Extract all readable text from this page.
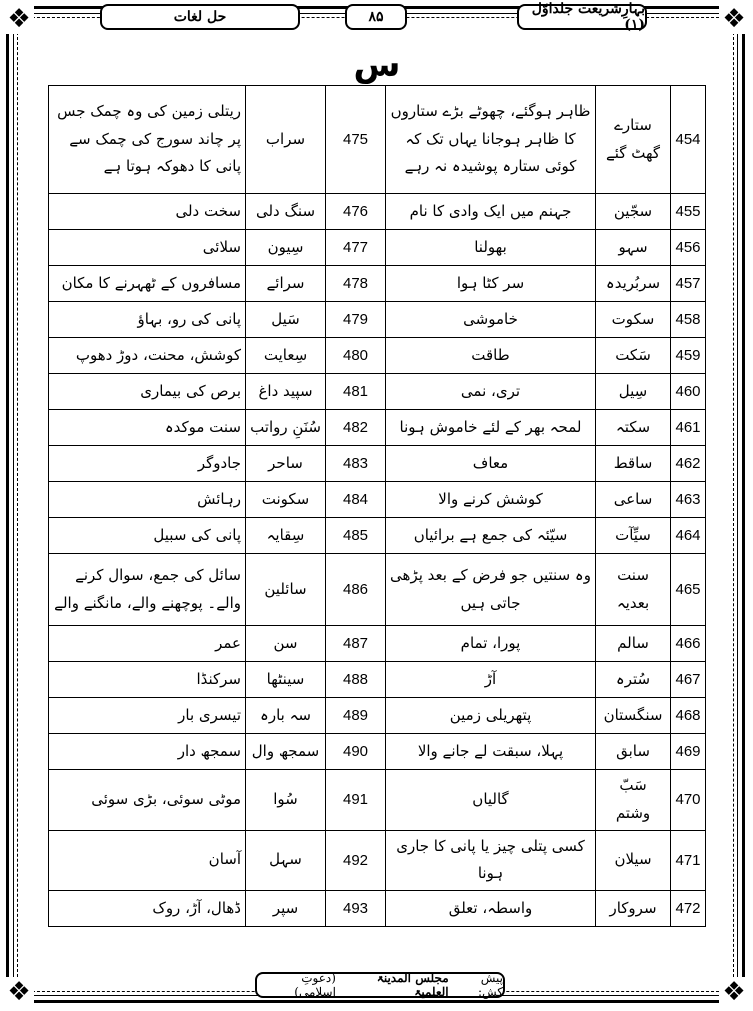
❖	❖
❖	❖
حل لغات	۸۵	بہارِشریعت جلداوّل (۱)
س
ریتلی زمین کی وہ چمک جس پر چاند سورج کی چمک سے پانی کا دھوکہ ہوتا ہے	سراب	475	ظاہر ہوگئے، چھوٹے بڑے ستاروں کا ظاہر ہوجانا یہاں تک کہ کوئی ستارہ پوشیدہ نہ رہے	ستارے گھٹ گئے	454
سخت دلی	سنگ دلی	476	جہنم میں ایک وادی کا نام	سجّین	455
سلائی	سِیون	477	بھولنا	سہو	456
مسافروں کے ٹھہرنے کا مکان	سرائے	478	سر کٹا ہوا	سربُریدہ	457
پانی کی رو، بہاؤ	سَیل	479	خاموشی	سکوت	458
کوشش، محنت، دوڑ دھوپ	سِعایت	480	طاقت	سَکت	459
برص کی بیماری	سپید داغ	481	تری، نمی	سِیل	460
سنت موکدہ	سُنَنِ رواتب	482	لمحہ بھر کے لئے خاموش ہونا	سکتہ	461
جادوگر	ساحر	483	معاف	ساقط	462
رہائش	سکونت	484	کوشش کرنے والا	ساعی	463
پانی کی سبیل	سِقایہ	485	سیّئہ کی جمع ہے برائیاں	سیِّآت	464
سائل کی جمع، سوال کرنے والے۔ پوچھنے والے، مانگنے والے	سائلین	486	وہ سنتیں جو فرض کے بعد پڑھی جاتی ہیں	سنت بعدیہ	465
عمر	سن	487	پورا، تمام	سالم	466
سرکنڈا	سینٹھا	488	آڑ	سُترہ	467
تیسری بار	سہ بارہ	489	پتھریلی زمین	سنگستان	468
سمجھ دار	سمجھ وال	490	پہلا، سبقت لے جانے والا	سابق	469
موٹی سوئی، بڑی سوئی	سُوا	491	گالیاں	سَبّ وشتم	470
آسان	سہل	492	کسی پتلی چیز یا پانی کا جاری ہونا	سیلان	471
ڈھال، آڑ، روک	سپر	493	واسطہ، تعلق	سروکار	472
پیش کش:
مجلس المدینۃ العلمیۃ
(دعوتِ اسلامی)
